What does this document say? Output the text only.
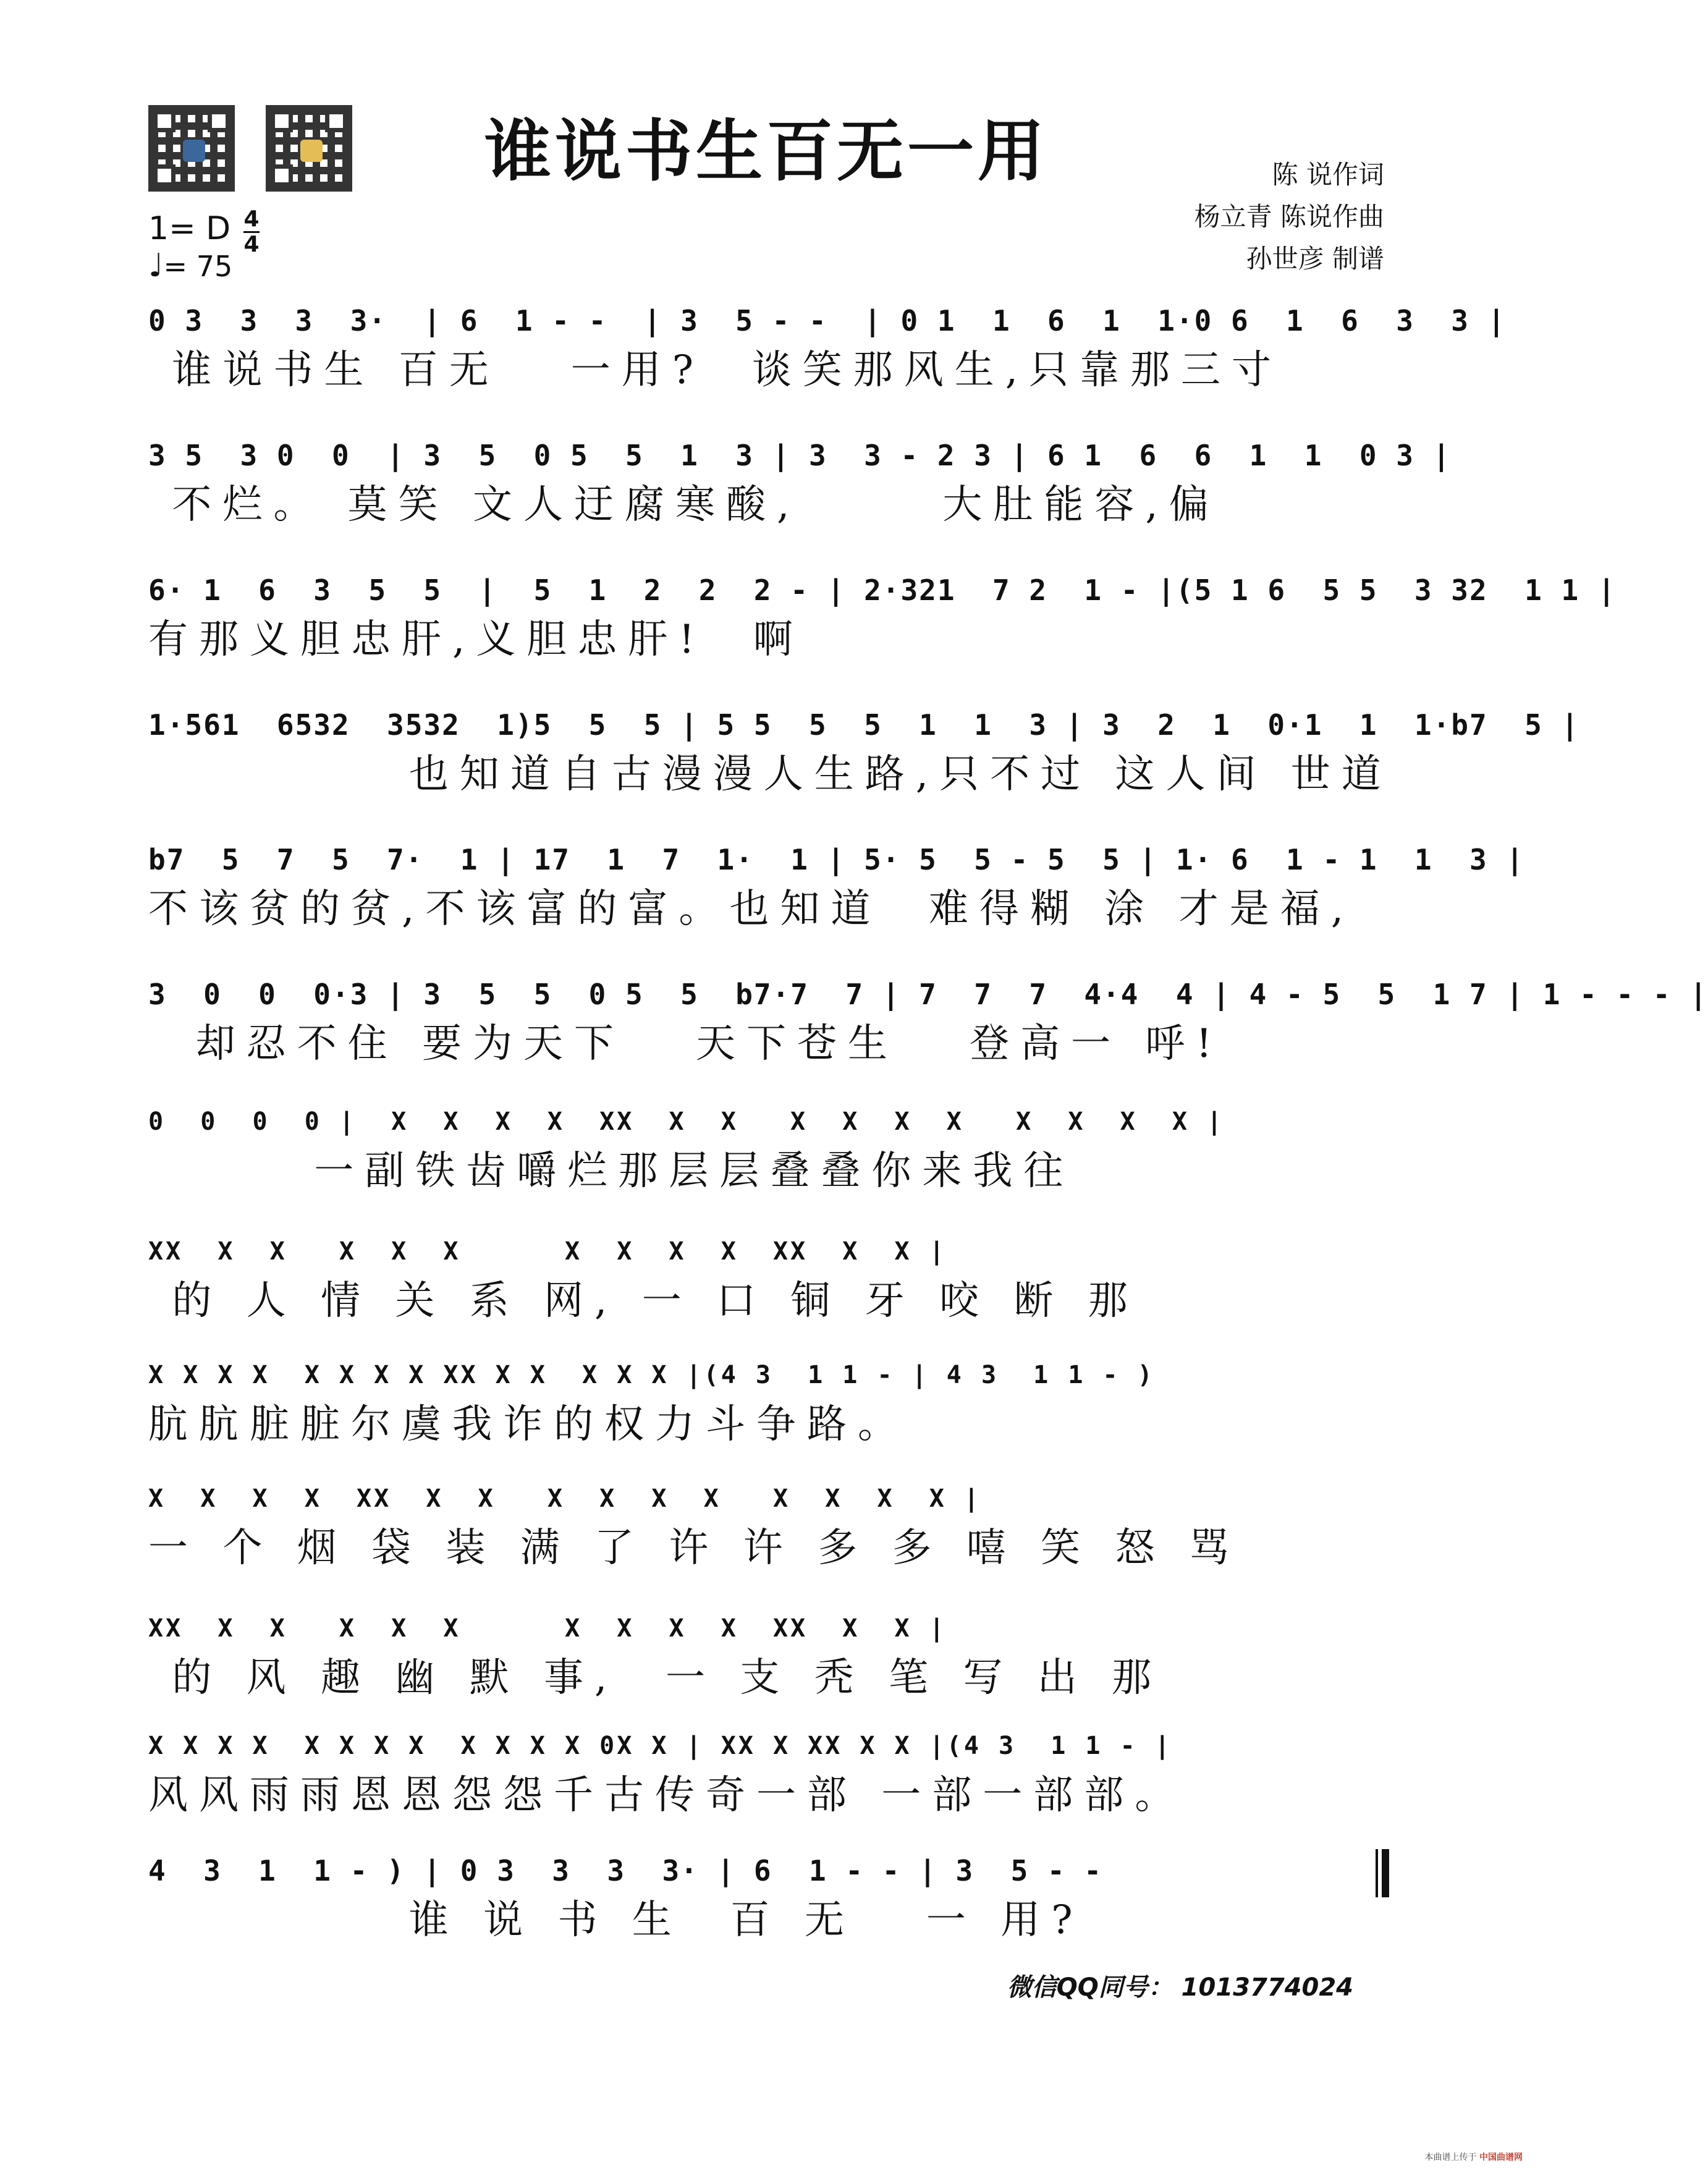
谁说书生百无一用	陈 说作词
杨立青 陈说作曲
孙世彦 制谱
1= D 4
4
♩= 75
0 3  3  3  3·  | 6  1 - -  | 3  5 - -  | 0 1  1  6  1  1·0 6  1  6  3  3 |
谁说书生 百无   一用?  谈笑那风生,只靠那三寸
3 5  3 0  0  | 3  5  0 5  5  1  3 | 3  3 - 2 3 | 6 1  6  6  1  1  0 3 |
不烂。 莫笑 文人迂腐寒酸,      大肚能容,偏
6· 1  6  3  5  5  |  5  1  2  2  2 - | 2·321  7 2  1 - |(5 1 6  5 5  3 32  1 1 |
有那义胆忠肝,义胆忠肝!  啊
1·561  6532  3532  1)5  5  5 | 5 5  5  5  1  1  3 | 3  2  1  0·1  1  1·b7  5 |
也知道自古漫漫人生路,只不过 这人间 世道
b7  5  7  5  7·  1 | 17  1  7  1·  1 | 5· 5  5 - 5  5 | 1· 6  1 - 1  1  3 |
不该贫的贫,不该富的富。也知道  难得糊 涂 才是福,
3  0  0  0·3 | 3  5  5  0 5  5  b7·7  7 | 7  7  7  4·4  4 | 4 - 5  5  1 7 | 1 - - - |
却忍不住 要为天下   天下苍生   登高一 呼!
0  0  0  0 |  X  X  X  X  XX  X  X   X  X  X  X   X  X  X  X |
一副铁齿嚼烂那层层叠叠你来我往
XX  X  X   X  X  X      X  X  X  X  XX  X  X |
的 人 情 关 系 网, 一 口 铜 牙 咬 断 那
X X X X  X X X X XX X X  X X X |(4 3  1 1 - | 4 3  1 1 - )
肮肮脏脏尔虞我诈的权力斗争路。
X  X  X  X  XX  X  X   X  X  X  X   X  X  X  X |
一 个 烟 袋 装 满 了 许 许 多 多 嘻 笑 怒 骂
XX  X  X   X  X  X      X  X  X  X  XX  X  X |
的 风 趣 幽 默 事,  一 支 秃 笔 写 出 那
X X X X  X X X X  X X X X 0X X | XX X XX X X |(4 3  1 1 - |
风风雨雨恩恩怨怨千古传奇一部 一部一部部。
4  3  1  1 - ) | 0 3  3  3  3· | 6  1 - - | 3  5 - -
谁 说 书 生  百 无   一 用?
微信QQ同号： 1013774024
本曲谱上传于 中国曲谱网
